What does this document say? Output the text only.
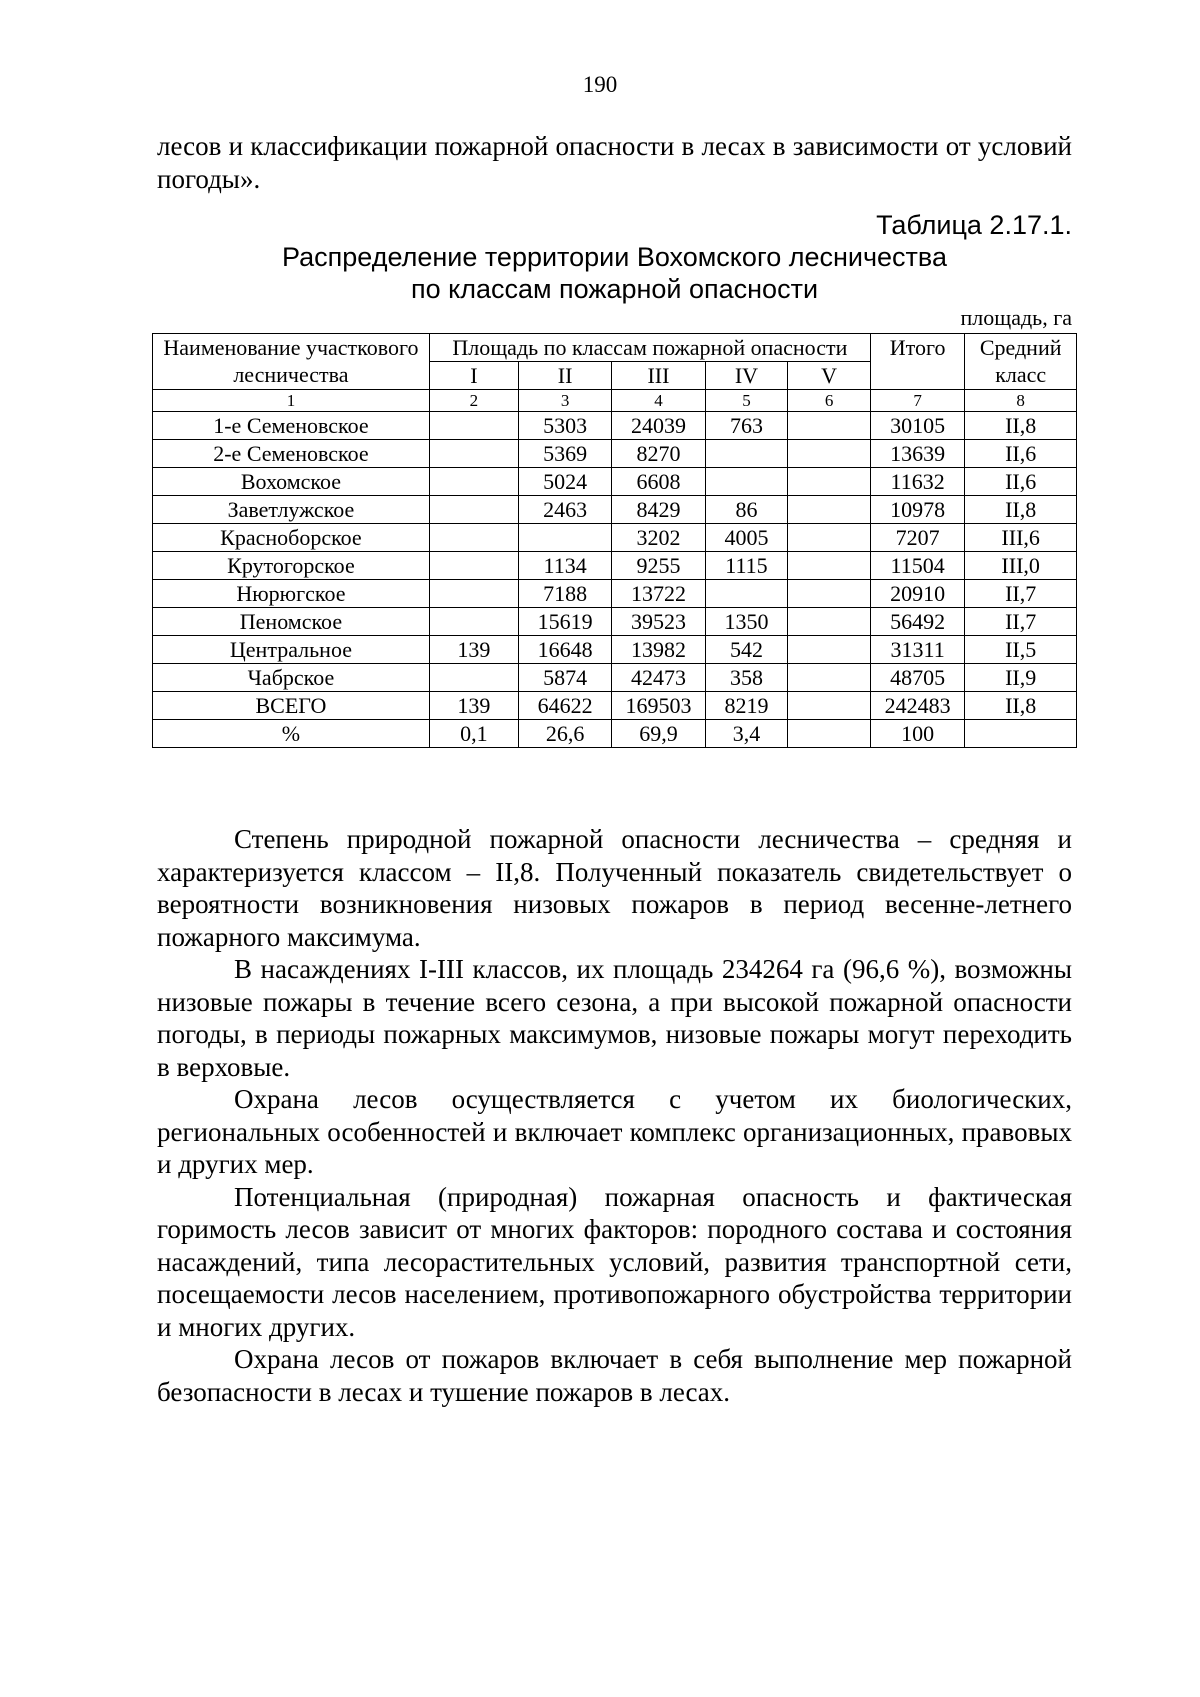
190

лесов и классификации пожарной опасности в лесах в зависимости от условий погоды».

Таблица 2.17.1.
Распределение территории Вохомского лесничества
по классам пожарной опасности
площадь, га
Наименование участкового лесничества	Площадь по классам пожарной опасности					Итого	Средний класс
	I	II	III	IV	V		
1	2	3	4	5	6	7	8
1-е Семеновское		5303	24039	763		30105	II,8
2-е Семеновское		5369	8270			13639	II,6
Вохомское		5024	6608			11632	II,6
Заветлужское		2463	8429	86		10978	II,8
Красноборское			3202	4005		7207	III,6
Крутогорское		1134	9255	1115		11504	III,0
Нюрюгское		7188	13722			20910	II,7
Пеномское		15619	39523	1350		56492	II,7
Центральное	139	16648	13982	542		31311	II,5
Чабрское		5874	42473	358		48705	II,9
ВСЕГО	139	64622	169503	8219		242483	II,8
%	0,1	26,6	69,9	3,4		100	

Степень природной пожарной опасности лесничества – средняя и характеризуется классом – II,8. Полученный показатель свидетельствует о вероятности возникновения низовых пожаров в период весенне-летнего пожарного максимума.

В насаждениях I-III классов, их площадь 234264 га (96,6 %), возможны низовые пожары в течение всего сезона, а при высокой пожарной опасности погоды, в периоды пожарных максимумов, низовые пожары могут переходить в верховые.

Охрана лесов осуществляется с учетом их биологических, региональных особенностей и включает комплекс организационных, правовых и других мер.

Потенциальная (природная) пожарная опасность и фактическая горимость лесов зависит от многих факторов: породного состава и состояния насаждений, типа лесорастительных условий, развития транспортной сети, посещаемости лесов населением, противопожарного обустройства территории и многих других.

Охрана лесов от пожаров включает в себя выполнение мер пожарной безопасности в лесах и тушение пожаров в лесах.
